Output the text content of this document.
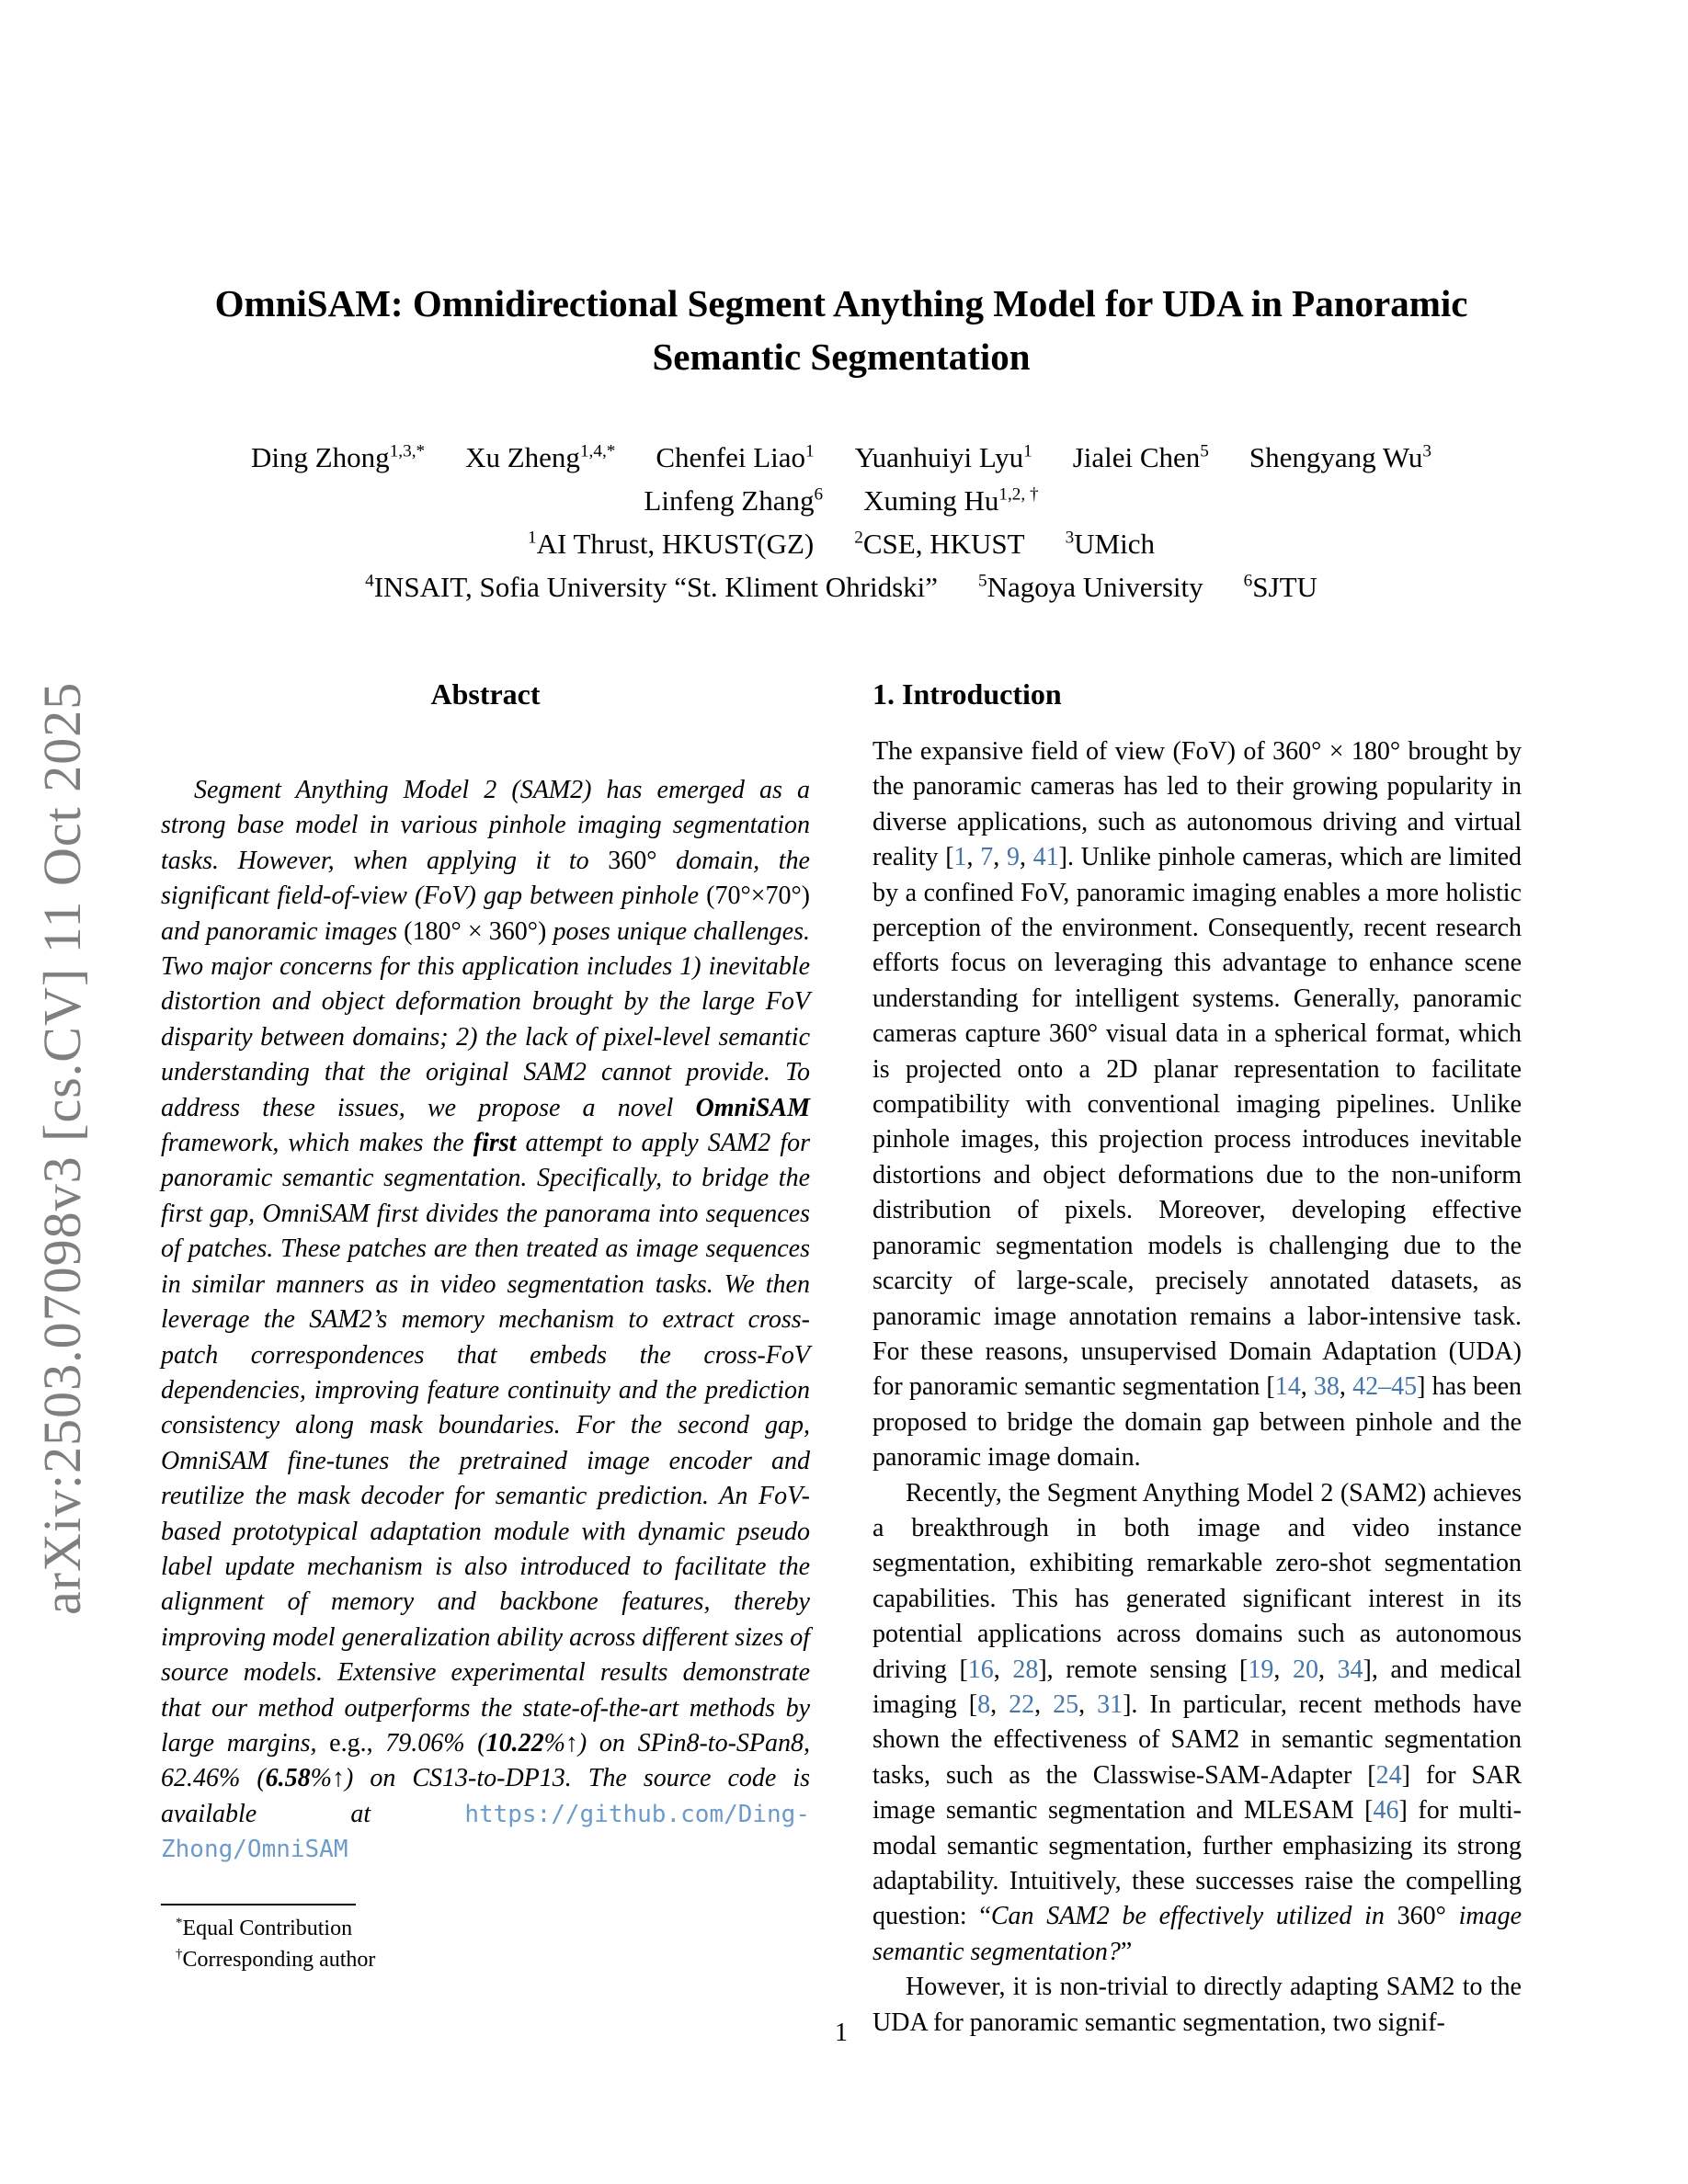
arXiv:2503.07098v3 [cs.CV] 11 Oct 2025
OmniSAM: Omnidirectional Segment Anything Model for UDA in Panoramic
Semantic Segmentation
Ding Zhong$^{1,3,*}$ Xu Zheng$^{1,4,*}$ Chenfei Liao$^1$ Yuanhuiyi Lyu$^1$ Jialei Chen$^5$ Shengyang Wu$^3$
Linfeng Zhang$^6$ Xuming $Hu^{1,2, \dagger}$
$^1$AI Thrust, HKUST(GZ) $^2$CSE, HKUST $^3$UMich
$^4$INSAIT, Sofia University “St. Kliment Ohridski” $^5$Nagoya University $^6$SJTU

Abstract

Segment Anything Model 2 (SAM2) has emerged as a strong base model in various pinhole imaging segmentation tasks. However, when applying it to 360° domain, the significant field-of-view (FoV) gap between pinhole (70°×70°) and panoramic images (180° × 360°) poses unique challenges. Two major concerns for this application includes 1) inevitable distortion and object deformation brought by the large FoV disparity between domains; 2) the lack of pixel-level semantic understanding that the original SAM2 cannot provide. To address these issues, we propose a novel OmniSAM framework, which makes the first attempt to apply SAM2 for panoramic semantic segmentation. Specifically, to bridge the first gap, OmniSAM first divides the panorama into sequences of patches. These patches are then treated as image sequences in similar manners as in video segmentation tasks. We then leverage the SAM2’s memory mechanism to extract cross-patch correspondences that embeds the cross-FoV dependencies, improving feature continuity and the prediction consistency along mask boundaries. For the second gap, OmniSAM fine-tunes the pretrained image encoder and reutilize the mask decoder for semantic prediction. An FoV-based prototypical adaptation module with dynamic pseudo label update mechanism is also introduced to facilitate the alignment of memory and backbone features, thereby improving model generalization ability across different sizes of source models. Extensive experimental results demonstrate that our method outperforms the state-of-the-art methods by large margins, e.g., 79.06% (10.22%↑) on SPin8-to-SPan8, 62.46% (6.58%↑) on CS13-to-DP13. The source code is available at https://github.com/Ding-Zhong/OmniSAM

1. Introduction

The expansive field of view (FoV) of 360° × 180° brought by the panoramic cameras has led to their growing popularity in diverse applications, such as autonomous driving and virtual reality [1, 7, 9, 41]. Unlike pinhole cameras, which are limited by a confined FoV, panoramic imaging enables a more holistic perception of the environment. Consequently, recent research efforts focus on leveraging this advantage to enhance scene understanding for intelligent systems. Generally, panoramic cameras capture 360° visual data in a spherical format, which is projected onto a 2D planar representation to facilitate compatibility with conventional imaging pipelines. Unlike pinhole images, this projection process introduces inevitable distortions and object deformations due to the non-uniform distribution of pixels. Moreover, developing effective panoramic segmentation models is challenging due to the scarcity of large-scale, precisely annotated datasets, as panoramic image annotation remains a labor-intensive task. For these reasons, unsupervised Domain Adaptation (UDA) for panoramic semantic segmentation [14, 38, 42–45] has been proposed to bridge the domain gap between pinhole and the panoramic image domain.

Recently, the Segment Anything Model 2 (SAM2) achieves a breakthrough in both image and video instance segmentation, exhibiting remarkable zero-shot segmentation capabilities. This has generated significant interest in its potential applications across domains such as autonomous driving [16, 28], remote sensing [19, 20, 34], and medical imaging [8, 22, 25, 31]. In particular, recent methods have shown the effectiveness of SAM2 in semantic segmentation tasks, such as the Classwise-SAM-Adapter [24] for SAR image semantic segmentation and MLESAM [46] for multi-modal semantic segmentation, further emphasizing its strong adaptability. Intuitively, these successes raise the compelling question: “Can SAM2 be effectively utilized in 360° image semantic segmentation?”

However, it is non-trivial to directly adapting SAM2 to the UDA for panoramic semantic segmentation, two signif-

*Equal Contribution

†Corresponding author

1
